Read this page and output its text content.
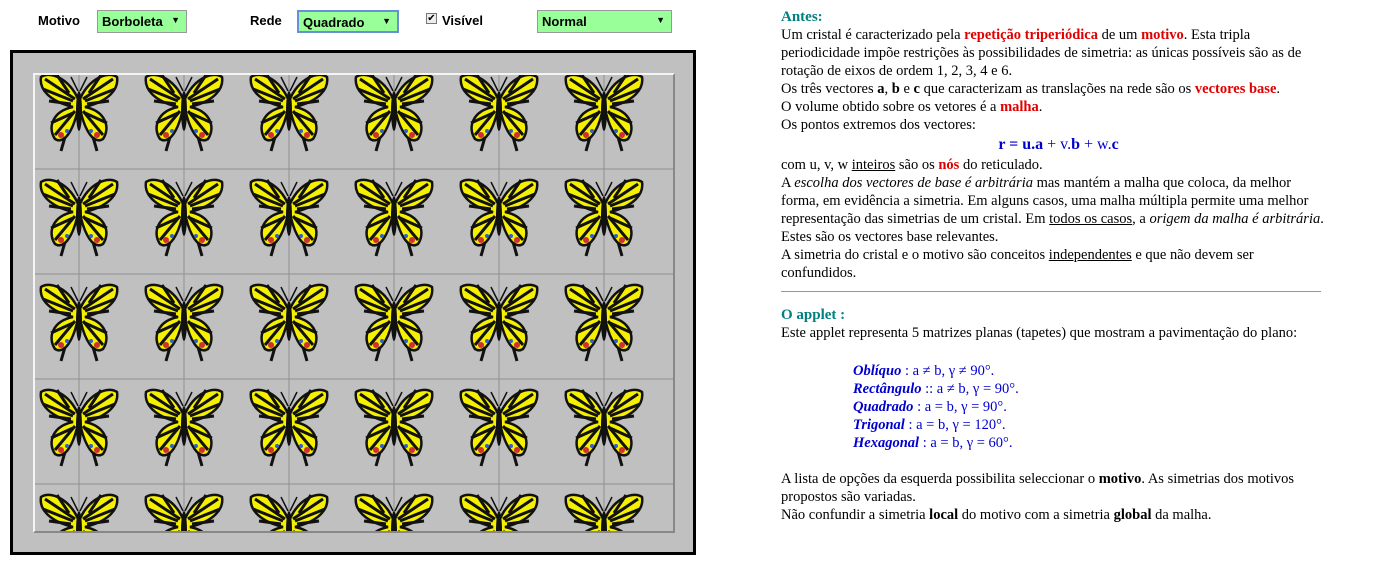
Motivo	Borboleta ▼	Rede	Quadrado ▼	✔ Visível	Normal	▼	Antes:

Um cristal é caracterizado pela repetição triperiódica de um motivo. Esta tripla periodicidade impõe restrições às possibilidades de simetria: as únicas possíveis são as de rotação de eixos de ordem 1, 2, 3, 4 e 6.

Os três vectores a, b e c que caracterizam as translações na rede são os vectores base.

O volume obtido sobre os vetores é a malha.

Os pontos extremos dos vectores:

r = u.a + v.b + w.c

com u, v, w inteiros são os nós do reticulado.

A escolha dos vectores de base é arbitrária mas mantém a malha que coloca, da melhor forma, em evidência a simetria. Em alguns casos, uma malha múltipla permite uma melhor representação das simetrias de um cristal. Em todos os casos, a origem da malha é arbitrária. Estes são os vectores base relevantes.

A simetria do cristal e o motivo são conceitos independentes e que não devem ser confundidos.

O applet :

Este applet representa 5 matrizes planas (tapetes) que mostram a pavimentação do plano:

Oblíquo : a ≠ b, γ ≠ 90°.

Rectângulo :: a ≠ b, γ = 90°.

Quadrado : a = b, γ = 90°.

Trigonal : a = b, γ = 120°.

Hexagonal : a = b, γ = 60°.

A lista de opções da esquerda possibilita seleccionar o motivo. As simetrias dos motivos propostos são variadas.

Não confundir a simetria local do motivo com a simetria global da malha.
